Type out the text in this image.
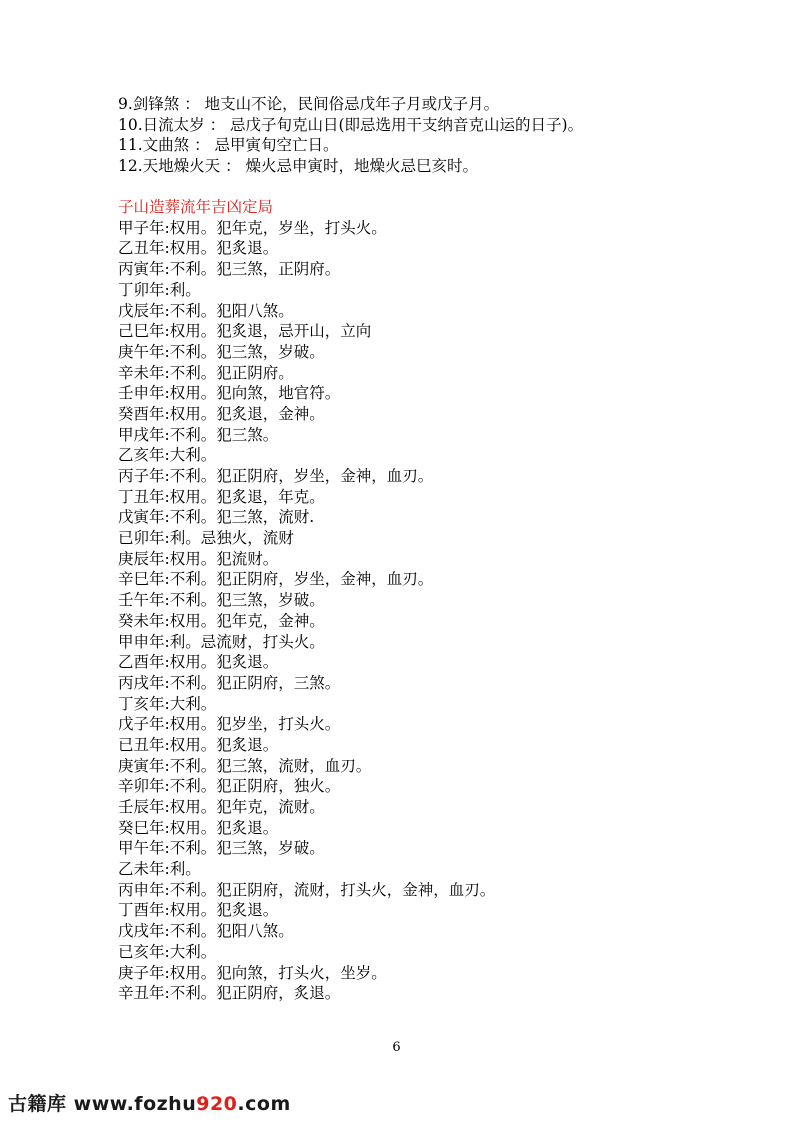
9.剑锋煞 ： 地支山不论，民间俗忌戊年子月或戊子月。
10.日流太岁 ： 忌戊子旬克山日(即忌选用干支纳音克山运的日子)。
11.文曲煞 ： 忌甲寅旬空亡日。
12.天地燥火天 ： 燥火忌申寅时，地燥火忌巳亥时。
子山造葬流年吉凶定局
甲子年:权用。犯年克，岁坐，打头火。
乙丑年:权用。犯炙退。
丙寅年:不利。犯三煞，正阴府。
丁卯年:利。
戊辰年:不利。犯阳八煞。
己巳年:权用。犯炙退，忌开山，立向
庚午年:不利。犯三煞，岁破。
辛未年:不利。犯正阴府。
壬申年:权用。犯向煞，地官符。
癸酉年:权用。犯炙退，金神。
甲戌年:不利。犯三煞。
乙亥年:大利。
丙子年:不利。犯正阴府，岁坐，金神，血刃。
丁丑年:权用。犯炙退，年克。
戊寅年:不利。犯三煞，流财.
已卯年:利。忌独火，流财
庚辰年:权用。犯流财。
辛巳年:不利。犯正阴府，岁坐，金神，血刃。
壬午年:不利。犯三煞，岁破。
癸未年:权用。犯年克，金神。
甲申年:利。忌流财，打头火。
乙酉年:权用。犯炙退。
丙戌年:不利。犯正阴府，三煞。
丁亥年:大利。
戊子年:权用。犯岁坐，打头火。
已丑年:权用。犯炙退。
庚寅年:不利。犯三煞，流财，血刃。
辛卯年:不利。犯正阴府，独火。
壬辰年:权用。犯年克，流财。
癸巳年:权用。犯炙退。
甲午年:不利。犯三煞，岁破。
乙未年:利。
丙申年:不利。犯正阴府，流财，打头火，金神，血刃。
丁酉年:权用。犯炙退。
戊戌年:不利。犯阳八煞。
已亥年:大利。
庚子年:权用。犯向煞，打头火，坐岁。
辛丑年:不利。犯正阴府，炙退。
6
古籍库 www.fozhu920.com
